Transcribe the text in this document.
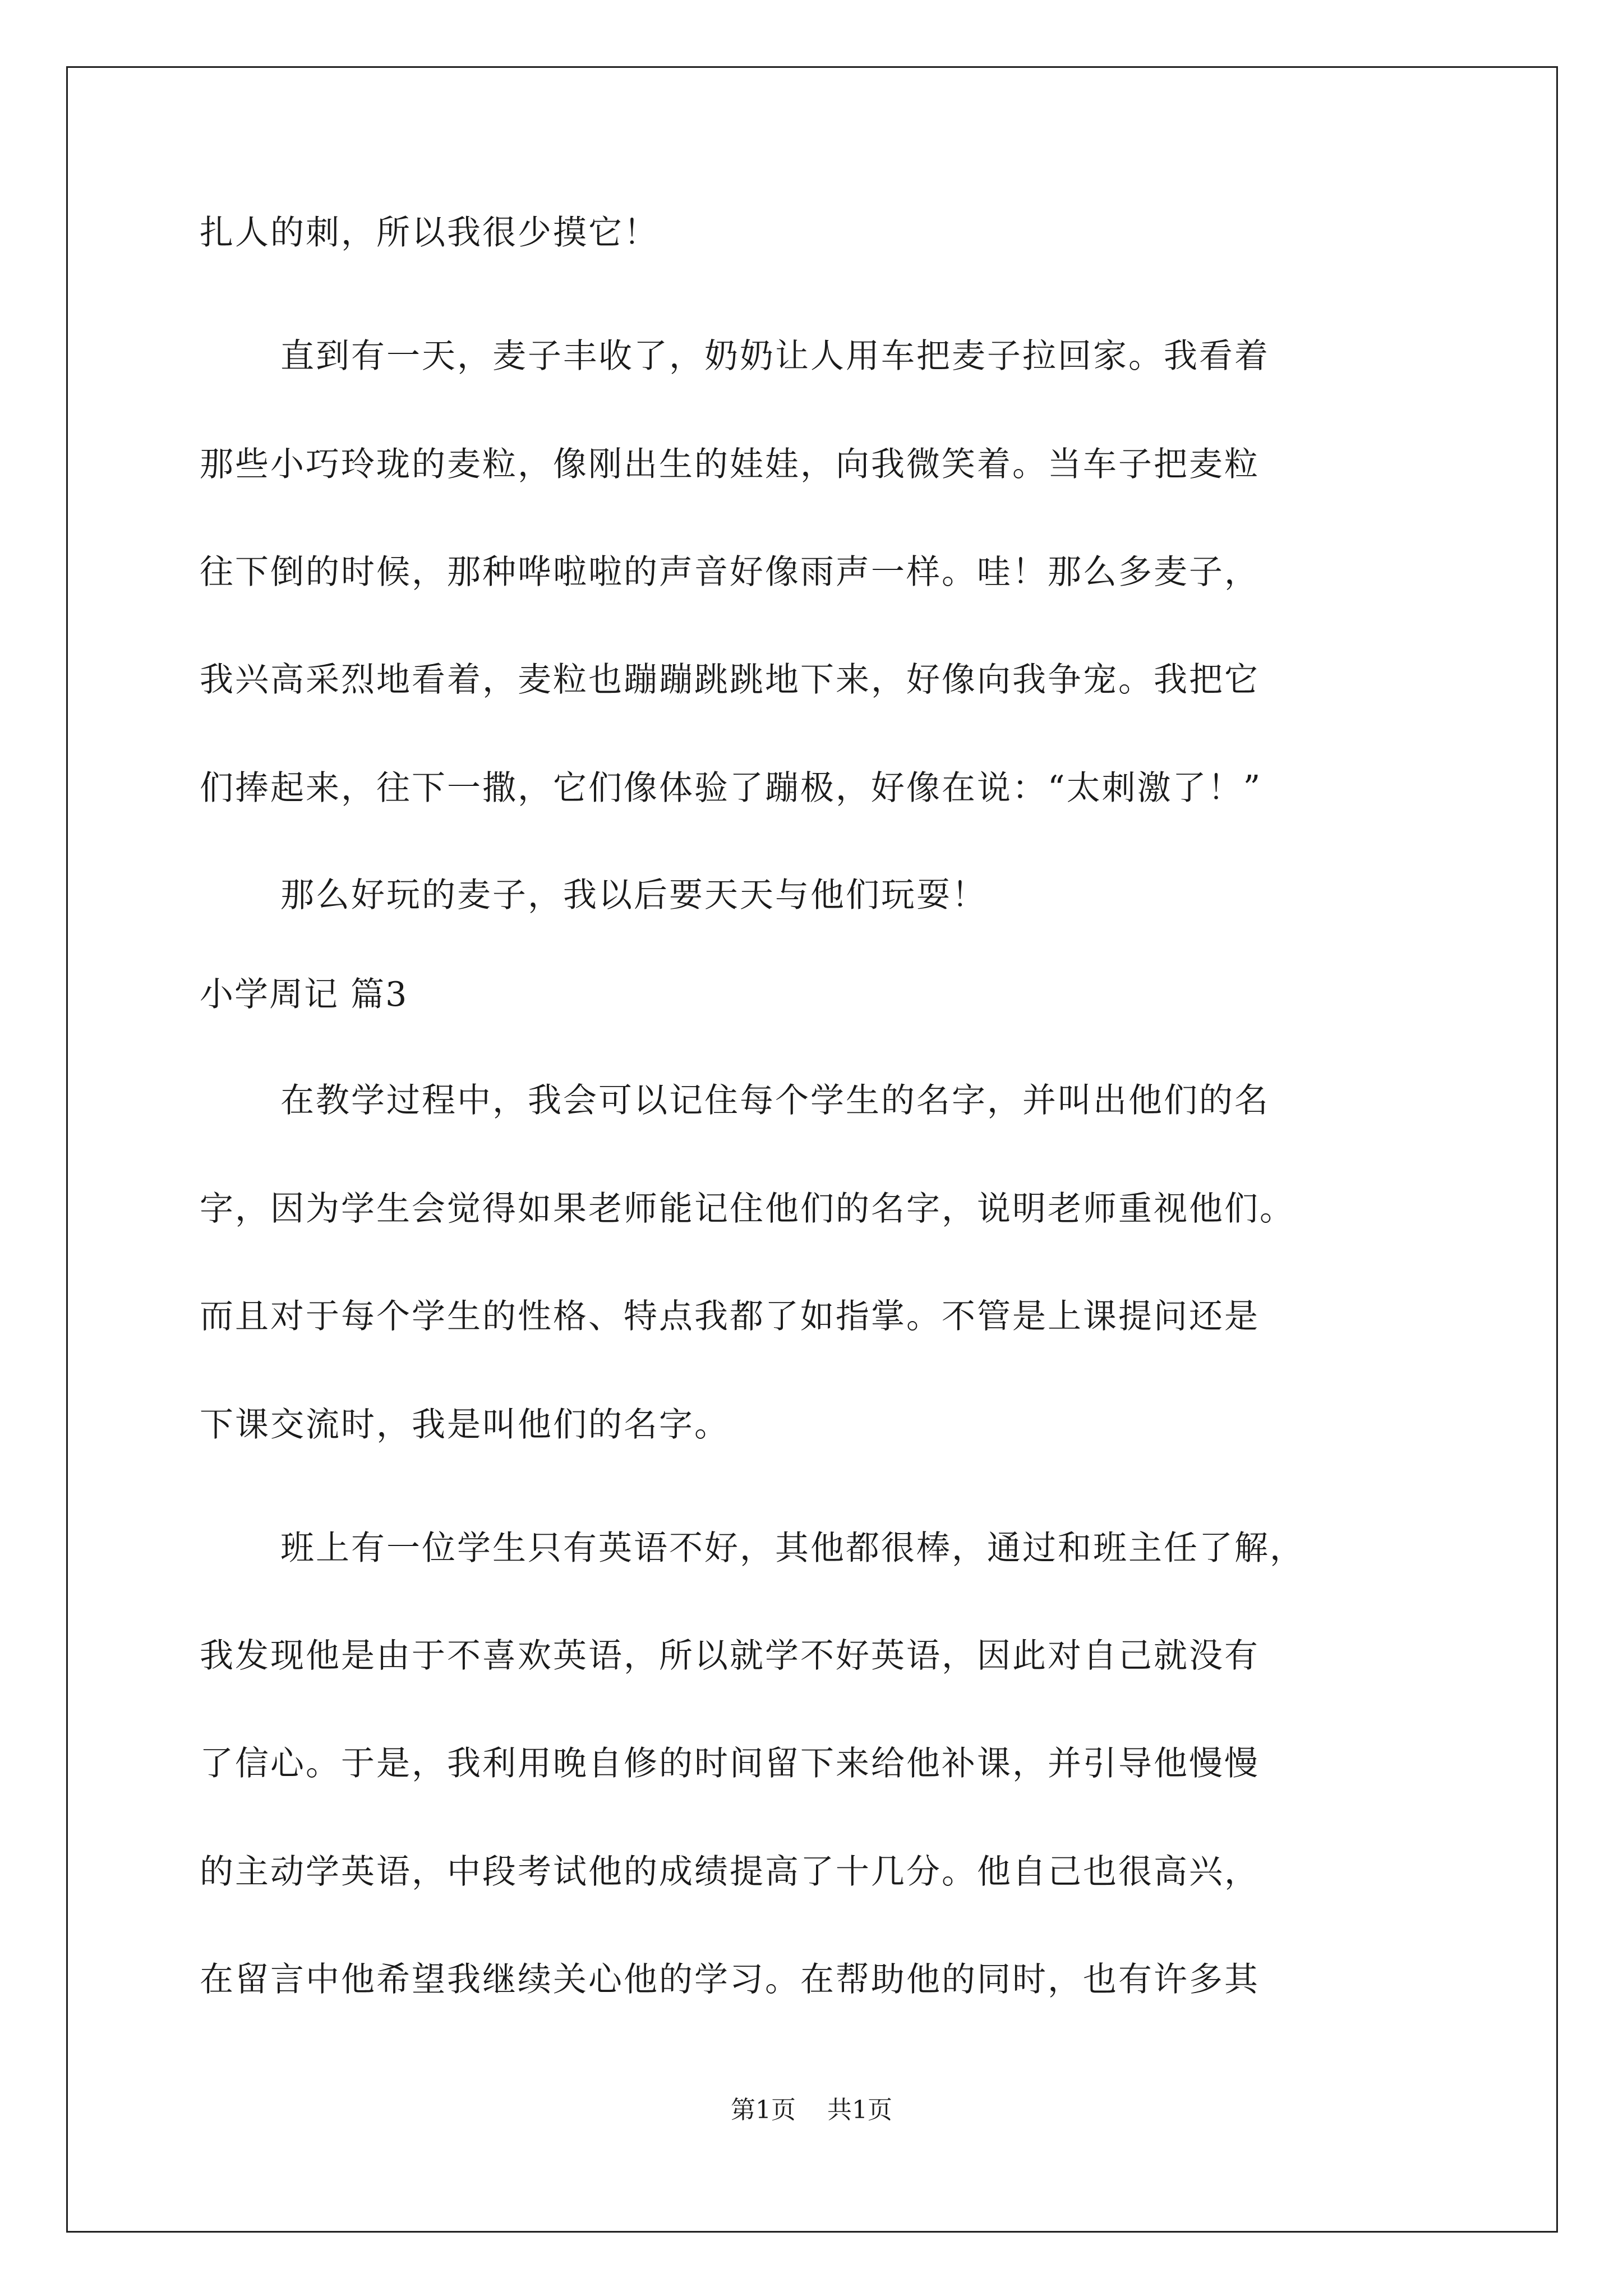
扎人的刺，所以我很少摸它！
直到有一天，麦子丰收了，奶奶让人用车把麦子拉回家。我看着
那些小巧玲珑的麦粒，像刚出生的娃娃，向我微笑着。当车子把麦粒
往下倒的时候，那种哗啦啦的声音好像雨声一样。哇！那么多麦子，
我兴高采烈地看着，麦粒也蹦蹦跳跳地下来，好像向我争宠。我把它
们捧起来，往下一撒，它们像体验了蹦极，好像在说：“太刺激了！”
那么好玩的麦子，我以后要天天与他们玩耍！
小学周记 篇3
在教学过程中，我会可以记住每个学生的名字，并叫出他们的名
字，因为学生会觉得如果老师能记住他们的名字，说明老师重视他们。
而且对于每个学生的性格、特点我都了如指掌。不管是上课提问还是
下课交流时，我是叫他们的名字。
班上有一位学生只有英语不好，其他都很棒，通过和班主任了解，
我发现他是由于不喜欢英语，所以就学不好英语，因此对自己就没有
了信心。于是，我利用晚自修的时间留下来给他补课，并引导他慢慢
的主动学英语，中段考试他的成绩提高了十几分。他自己也很高兴，
在留言中他希望我继续关心他的学习。在帮助他的同时，也有许多其
第1页 共1页
